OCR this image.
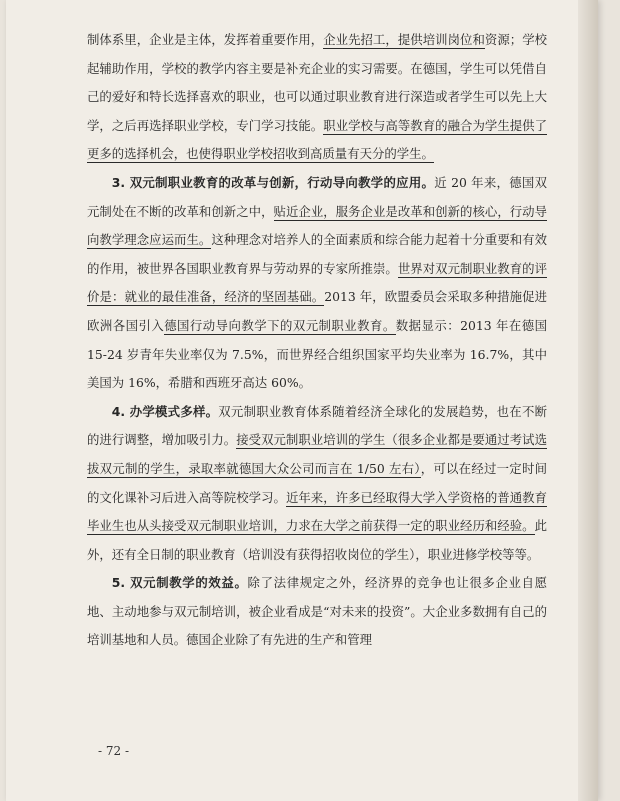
制体系里，企业是主体，发挥着重要作用，企业先招工，提供培训岗位和资源；学校起辅助作用，学校的教学内容主要是补充企业的实习需要。在德国，学生可以凭借自己的爱好和特长选择喜欢的职业，也可以通过职业教育进行深造或者学生可以先上大学，之后再选择职业学校，专门学习技能。职业学校与高等教育的融合为学生提供了更多的选择机会，也使得职业学校招收到高质量有天分的学生。

3. 双元制职业教育的改革与创新，行动导向教学的应用。近 20 年来，德国双元制处在不断的改革和创新之中，贴近企业，服务企业是改革和创新的核心，行动导向教学理念应运而生。这种理念对培养人的全面素质和综合能力起着十分重要和有效的作用，被世界各国职业教育界与劳动界的专家所推崇。世界对双元制职业教育的评价是：就业的最佳准备，经济的坚固基础。2013 年，欧盟委员会采取多种措施促进欧洲各国引入德国行动导向教学下的双元制职业教育。数据显示：2013 年在德国 15-24 岁青年失业率仅为 7.5%，而世界经合组织国家平均失业率为 16.7%，其中美国为 16%，希腊和西班牙高达 60%。

4. 办学模式多样。双元制职业教育体系随着经济全球化的发展趋势，也在不断的进行调整，增加吸引力。接受双元制职业培训的学生（很多企业都是要通过考试选拔双元制的学生，录取率就德国大众公司而言在 1/50 左右），可以在经过一定时间的文化课补习后进入高等院校学习。近年来，许多已经取得大学入学资格的普通教育毕业生也从头接受双元制职业培训，力求在大学之前获得一定的职业经历和经验。此外，还有全日制的职业教育（培训没有获得招收岗位的学生），职业进修学校等等。

5. 双元制教学的效益。除了法律规定之外，经济界的竞争也让很多企业自愿地、主动地参与双元制培训，被企业看成是“对未来的投资”。大企业多数拥有自己的培训基地和人员。德国企业除了有先进的生产和管理

- 72 -
